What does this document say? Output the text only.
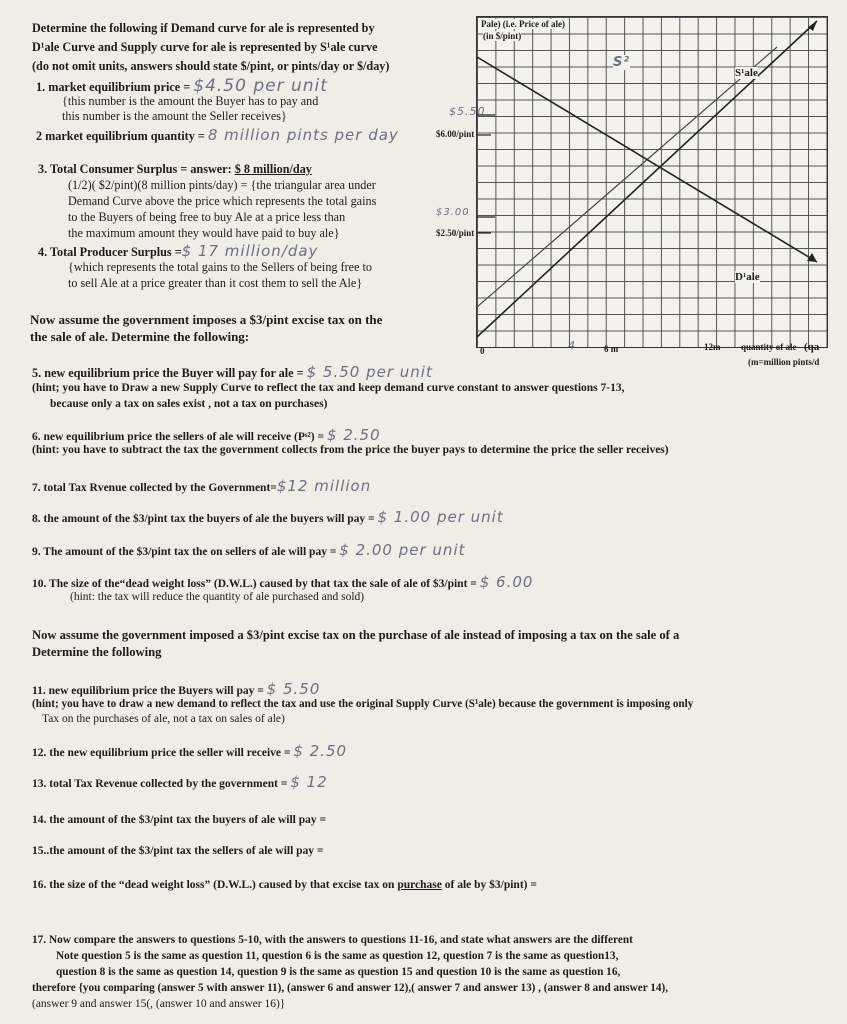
Determine the following if Demand curve for ale is represented by
D¹ale Curve and Supply curve for ale is represented by S¹ale curve
(do not omit units, answers should state $/pint, or pints/day or $/day)
1. market equilibrium price = $4.50 per unit
{this number is the amount the Buyer has to pay and
this number is the amount the Seller receives}
2 market equilibrium quantity = 8 million pints per day
3. Total Consumer Surplus = answer: $ 8 million/day
(1/2)( $2/pint)(8 million pints/day) = {the triangular area under
Demand Curve above the price which represents the total gains
to the Buyers of being free to buy Ale at a price less than
the maximum amount they would have paid to buy ale}
4. Total Producer Surplus =$ 17 million/day
{which represents the total gains to the Sellers of being free to
to sell Ale at a price greater than it cost them to sell the Ale}
Now assume the government imposes a $3/pint excise tax on the
the sale of ale. Determine the following:
Pale) (i.e. Price of ale)
(in $/pint)
S¹ale
S²
D¹ale
$5.50
$6.00/pint
$3.00
$2.50/pint
0	4	6 m	12m quantity of ale (qa
(m=million pints/d
5. new equilibrium price the Buyer will pay for ale = $ 5.50 per unit
(hint; you have to Draw a new Supply Curve to reflect the tax and keep demand curve constant to answer questions 7-13,
because only a tax on sales exist , not a tax on purchases)
6. new equilibrium price the sellers of ale will receive (Pˢ²) = $ 2.50
(hint: you have to subtract the tax the government collects from the price the buyer pays to determine the price the seller receives)
7. total Tax Rvenue collected by the Government=$12 million
8. the amount of the $3/pint tax the buyers of ale the buyers will pay = $ 1.00 per unit
9. The amount of the $3/pint tax the on sellers of ale will pay = $ 2.00 per unit
10. The size of the“dead weight loss” (D.W.L.) caused by that tax the sale of ale of $3/pint = $ 6.00
(hint: the tax will reduce the quantity of ale purchased and sold)
Now assume the government imposed a $3/pint excise tax on the purchase of ale instead of imposing a tax on the sale of a
Determine the following
11. new equilibrium price the Buyers will pay = $ 5.50
(hint; you have to draw a new demand to reflect the tax and use the original Supply Curve (S¹ale) because the government is imposing only
Tax on the purchases of ale, not a tax on sales of ale)
12. the new equilibrium price the seller will receive = $ 2.50
13. total Tax Revenue collected by the government = $ 12
14. the amount of the $3/pint tax the buyers of ale will pay =
15..the amount of the $3/pint tax the sellers of ale will pay =
16. the size of the “dead weight loss” (D.W.L.) caused by that excise tax on purchase of ale by $3/pint) =
17. Now compare the answers to questions 5-10, with the answers to questions 11-16, and state what answers are the different
Note question 5 is the same as question 11, question 6 is the same as question 12, question 7 is the same as question13,
question 8 is the same as question 14, question 9 is the same as question 15 and question 10 is the same as question 16,
therefore {you comparing (answer 5 with answer 11), (answer 6 and answer 12),( answer 7 and answer 13) , (answer 8 and answer 14),
(answer 9 and answer 15(, (answer 10 and answer 16)}
